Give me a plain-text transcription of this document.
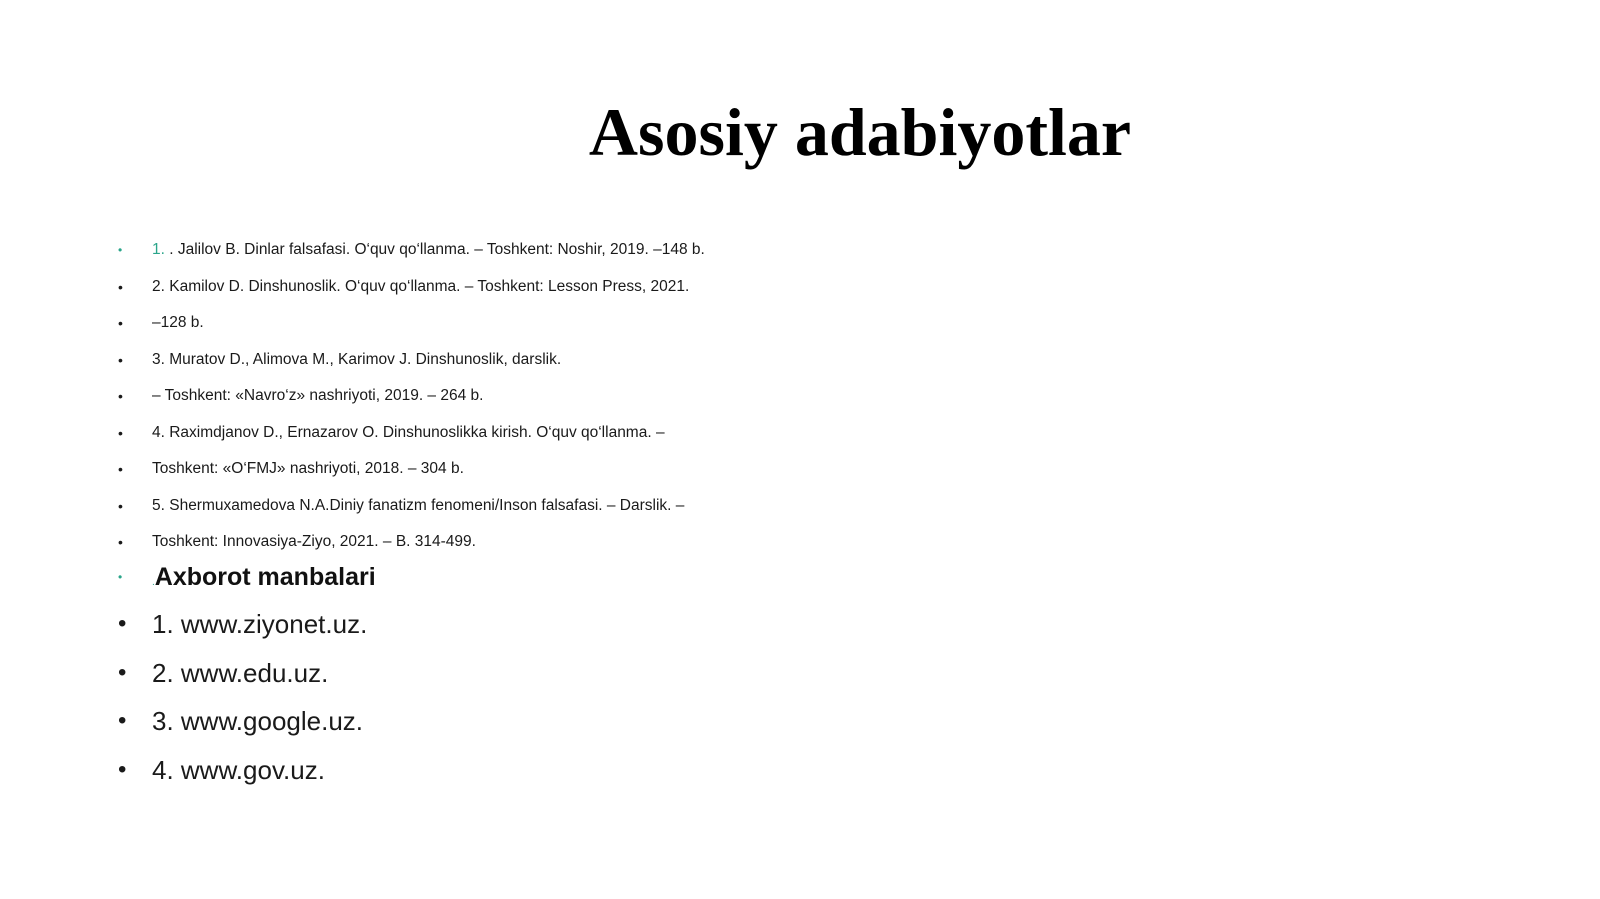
Asosiy adabiyotlar
• 1. . Jalilov B. Dinlar falsafasi. O‘quv qo‘llanma. – Toshkent: Noshir, 2019. –148 b.
• 2. Kamilov D. Dinshunoslik. O‘quv qo‘llanma. – Toshkent: Lesson Press, 2021.
• –128 b.
• 3. Muratov D., Alimova M., Karimov J. Dinshunoslik, darslik.
• – Toshkent: «Navro‘z» nashriyoti, 2019. – 264 b.
• 4. Raximdjanov D., Ernazarov O. Dinshunoslikka kirish. O‘quv qo‘llanma. –
• Toshkent: «O‘FMJ» nashriyoti, 2018. – 304 b.
• 5. Shermuxamedova N.A.Diniy fanatizm fenomeni/Inson falsafasi. – Darslik. –
• Toshkent: Innovasiya-Ziyo, 2021. – B. 314-499.
•	.Axborot manbalari
• 1. www.ziyonet.uz.
• 2. www.edu.uz.
• 3. www.google.uz.
• 4. www.gov.uz.
